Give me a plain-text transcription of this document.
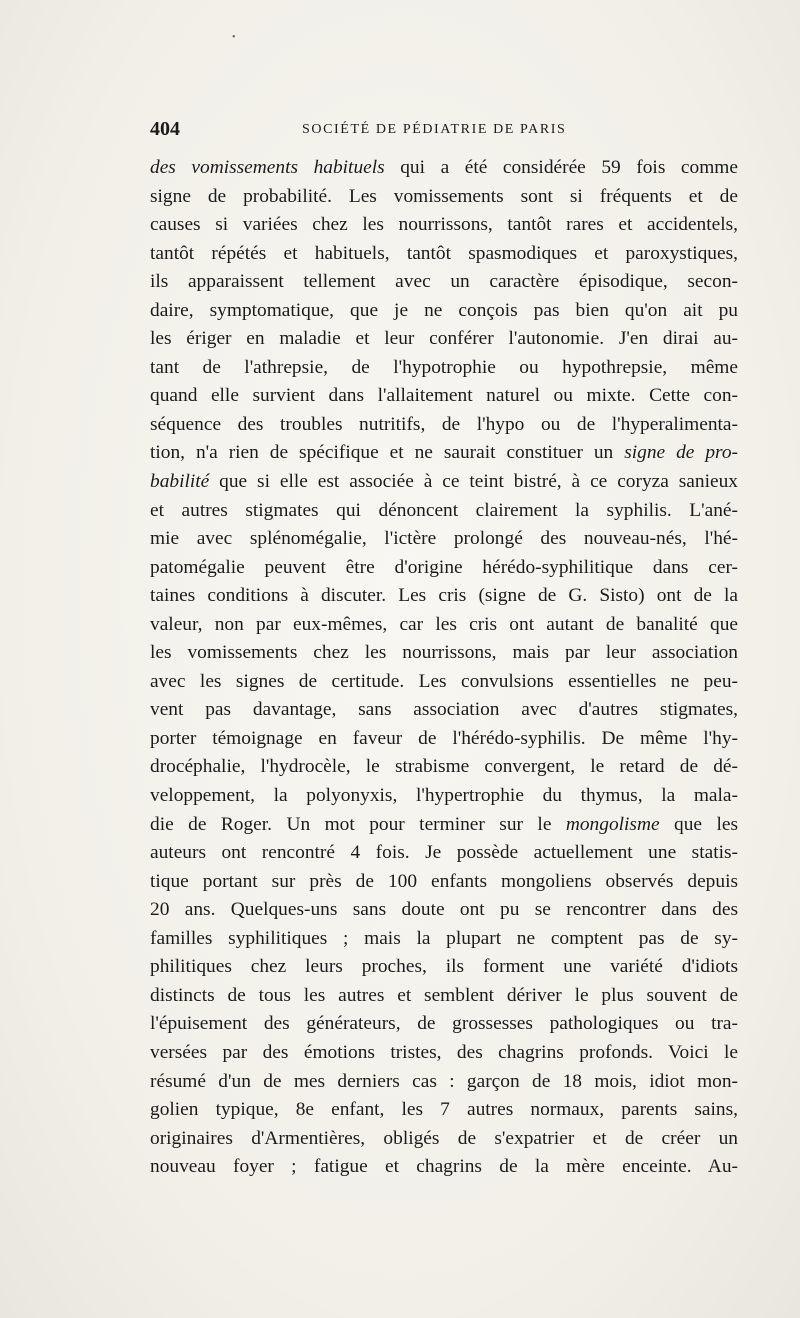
•
404	SOCIÉTÉ DE PÉDIATRIE DE PARIS
des vomissements habituels qui a été considérée 59 fois comme
signe de probabilité. Les vomissements sont si fréquents et de
causes si variées chez les nourrissons, tantôt rares et accidentels,
tantôt répétés et habituels, tantôt spasmodiques et paroxystiques,
ils apparaissent tellement avec un caractère épisodique, secon-
daire, symptomatique, que je ne conçois pas bien qu'on ait pu
les ériger en maladie et leur conférer l'autonomie. J'en dirai au-
tant de l'athrepsie, de l'hypotrophie ou hypothrepsie, même
quand elle survient dans l'allaitement naturel ou mixte. Cette con-
séquence des troubles nutritifs, de l'hypo ou de l'hyperalimenta-
tion, n'a rien de spécifique et ne saurait constituer un signe de pro-
babilité que si elle est associée à ce teint bistré, à ce coryza sanieux
et autres stigmates qui dénoncent clairement la syphilis. L'ané-
mie avec splénomégalie, l'ictère prolongé des nouveau-nés, l'hé-
patomégalie peuvent être d'origine hérédo-syphilitique dans cer-
taines conditions à discuter. Les cris (signe de G. Sisto) ont de la
valeur, non par eux-mêmes, car les cris ont autant de banalité que
les vomissements chez les nourrissons, mais par leur association
avec les signes de certitude. Les convulsions essentielles ne peu-
vent pas davantage, sans association avec d'autres stigmates,
porter témoignage en faveur de l'hérédo-syphilis. De même l'hy-
drocéphalie, l'hydrocèle, le strabisme convergent, le retard de dé-
veloppement, la polyonyxis, l'hypertrophie du thymus, la mala-
die de Roger. Un mot pour terminer sur le mongolisme que les
auteurs ont rencontré 4 fois. Je possède actuellement une statis-
tique portant sur près de 100 enfants mongoliens observés depuis
20 ans. Quelques-uns sans doute ont pu se rencontrer dans des
familles syphilitiques ; mais la plupart ne comptent pas de sy-
philitiques chez leurs proches, ils forment une variété d'idiots
distincts de tous les autres et semblent dériver le plus souvent de
l'épuisement des générateurs, de grossesses pathologiques ou tra-
versées par des émotions tristes, des chagrins profonds. Voici le
résumé d'un de mes derniers cas : garçon de 18 mois, idiot mon-
golien typique, 8e enfant, les 7 autres normaux, parents sains,
originaires d'Armentières, obligés de s'expatrier et de créer un
nouveau foyer ; fatigue et chagrins de la mère enceinte. Au-
